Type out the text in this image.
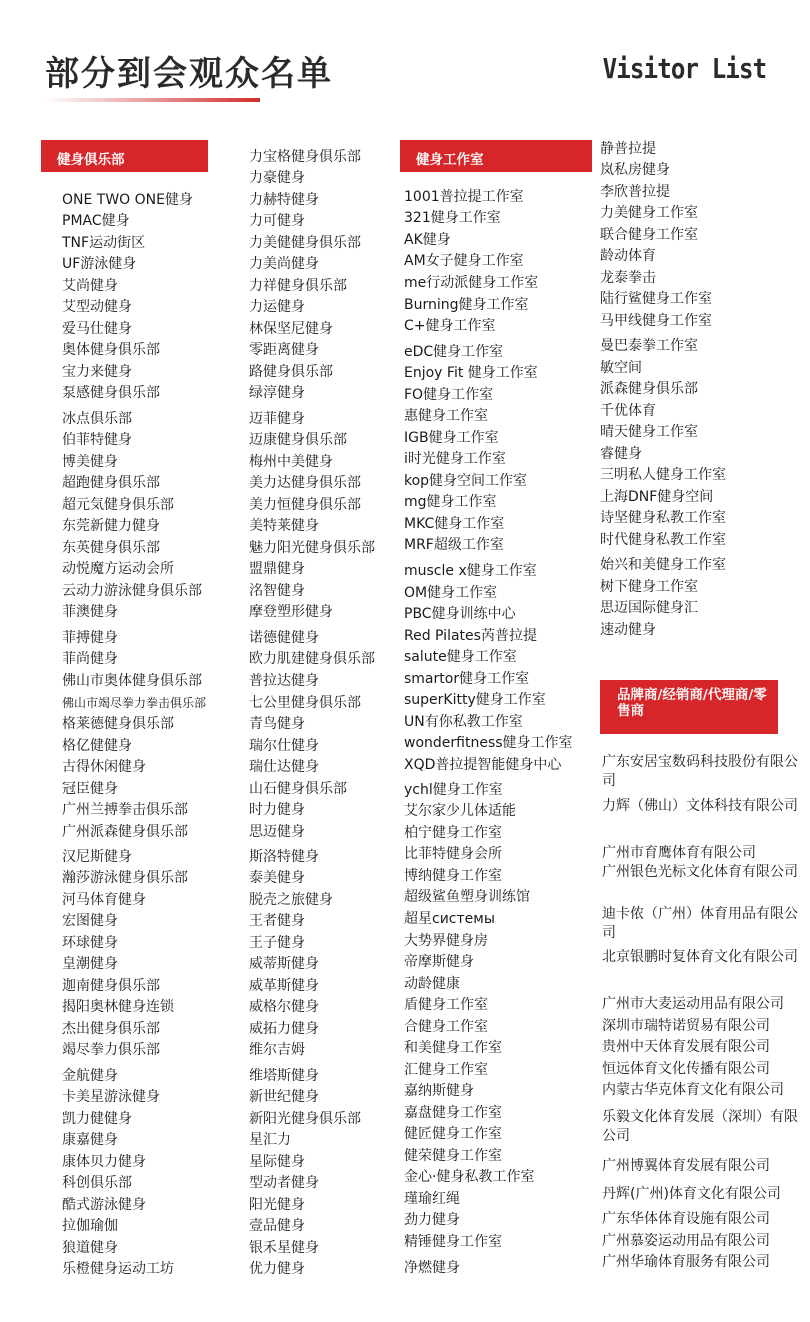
部分到会观众名单	Visitor List
健身俱乐部	健身工作室
品牌商/经销商/代理商/零售商
ONE TWO ONE健身
PMAC健身
TNF运动街区
UF游泳健身
艾尚健身
艾型动健身
爱马仕健身
奥体健身俱乐部
宝力来健身
泵感健身俱乐部
冰点俱乐部
伯菲特健身
博美健身
超跑健身俱乐部
超元気健身俱乐部
东莞新健力健身
东英健身俱乐部
动悦魔方运动会所
云动力游泳健身俱乐部
菲澳健身
菲搏健身
菲尚健身
佛山市奥体健身俱乐部
佛山市竭尽拳力拳击俱乐部
格莱德健身俱乐部
格亿健健身
古得休闲健身
冠臣健身
广州兰搏拳击俱乐部
广州派森健身俱乐部
汉尼斯健身
瀚莎游泳健身俱乐部
河马体育健身
宏图健身
环球健身
皇潮健身
迦南健身俱乐部
揭阳奥林健身连锁
杰出健身俱乐部
竭尽拳力俱乐部
金航健身
卡美星游泳健身
凯力健健身
康嘉健身
康体贝力健身
科创俱乐部
酷式游泳健身
拉伽瑜伽
狼道健身
乐橙健身运动工坊
力宝格健身俱乐部
力豪健身
力赫特健身
力可健身
力美健健身俱乐部
力美尚健身
力祥健身俱乐部
力运健身
林保坚尼健身
零距离健身
路健身俱乐部
绿淳健身
迈菲健身
迈康健身俱乐部
梅州中美健身
美力达健身俱乐部
美力恒健身俱乐部
美特莱健身
魅力阳光健身俱乐部
盟鼎健身
洺智健身
摩登塑形健身
诺德健健身
欧力肌建健身俱乐部
普拉达健身
七公里健身俱乐部
青鸟健身
瑞尔仕健身
瑞仕达健身
山石健身俱乐部
时力健身
思迈健身
斯洛特健身
泰美健身
脱壳之旅健身
王者健身
王子健身
威蒂斯健身
威革斯健身
威格尔健身
威拓力健身
维尔吉姆
维塔斯健身
新世纪健身
新阳光健身俱乐部
星汇力
星际健身
型动者健身
阳光健身
壹品健身
银禾星健身
优力健身
1001普拉提工作室
321健身工作室
AK健身
AM女子健身工作室
me行动派健身工作室
Burning健身工作室
C+健身工作室
eDC健身工作室
Enjoy Fit 健身工作室
FO健身工作室
惠健身工作室
IGB健身工作室
i时光健身工作室
kop健身空间工作室
mg健身工作室
MKC健身工作室
MRF超级工作室
muscle x健身工作室
OM健身工作室
PBC健身训练中心
Red Pilates芮普拉提
salute健身工作室
smartor健身工作室
superKitty健身工作室
UN有你私教工作室
wonderfitness健身工作室
XQD普拉提智能健身中心
ychl健身工作室
艾尔家少儿体适能
柏宁健身工作室
比菲特健身会所
博纳健身工作室
超级鲨鱼塑身训练馆
超星системы
大势界健身房
帝摩斯健身
动龄健康
盾健身工作室
合健身工作室
和美健身工作室
汇健身工作室
嘉纳斯健身
嘉盘健身工作室
健匠健身工作室
健荣健身工作室
金心·健身私教工作室
瑾瑜红绳
劲力健身
精锤健身工作室
净燃健身
静普拉提
岚私房健身
李欣普拉提
力美健身工作室
联合健身工作室
龄动体育
龙泰拳击
陆行鲨健身工作室
马甲线健身工作室
曼巴泰拳工作室
敏空间
派森健身俱乐部
千优体育
晴天健身工作室
睿健身
三明私人健身工作室
上海DNF健身空间
诗坚健身私教工作室
时代健身私教工作室
始兴和美健身工作室
树下健身工作室
思迈国际健身汇
速动健身
广东安居宝数码科技股份有限公司
力辉（佛山）文体科技有限公司
广州市育鹰体育有限公司
广州银色光标文化体育有限公司
迪卡侬（广州）体育用品有限公司
北京银鹏时复体育文化有限公司
广州市大麦运动用品有限公司
深圳市瑞特诺贸易有限公司
贵州中天体育发展有限公司
恒远体育文化传播有限公司
内蒙古华克体育文化有限公司
乐毅文化体育发展（深圳）有限公司
广州博翼体育发展有限公司
丹辉(广州)体育文化有限公司
广东华体体育设施有限公司
广州慕姿运动用品有限公司
广州华瑜体育服务有限公司
